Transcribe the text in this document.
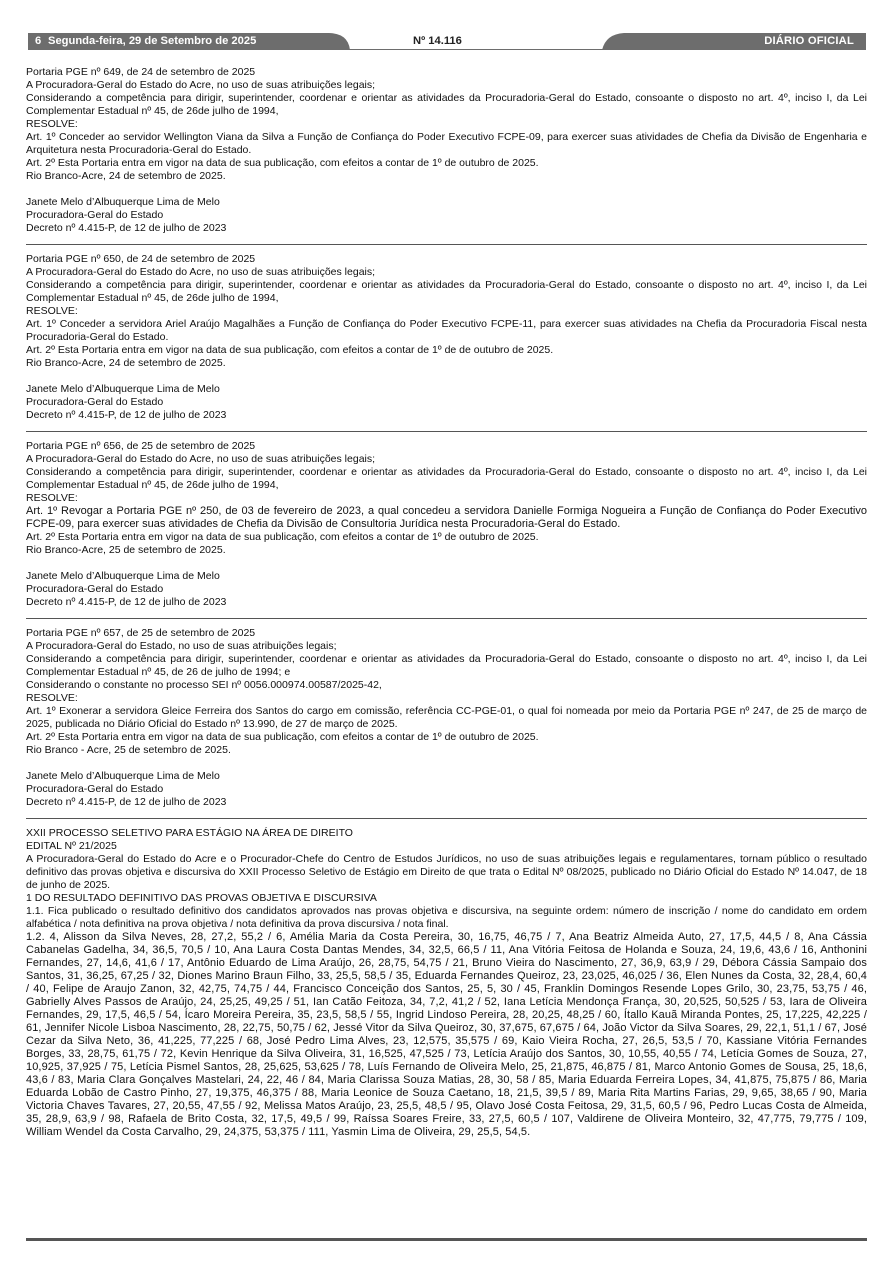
6 Segunda-feira, 29 de Setembro de 2025	Nº 14.116	DIÁRIO OFICIAL

Portaria PGE nº 649, de 24 de setembro de 2025

A Procuradora-Geral do Estado do Acre, no uso de suas atribuições legais;

Considerando a competência para dirigir, superintender, coordenar e orientar as atividades da Procuradoria-Geral do Estado, consoante o disposto no art. 4º, inciso I, da Lei Complementar Estadual nº 45, de 26de julho de 1994,

RESOLVE:

Art. 1º Conceder ao servidor Wellington Viana da Silva a Função de Confiança do Poder Executivo FCPE-09, para exercer suas atividades de Chefia da Divisão de Engenharia e Arquitetura nesta Procuradoria-Geral do Estado.

Art. 2º Esta Portaria entra em vigor na data de sua publicação, com efeitos a contar de 1º de outubro de 2025.

Rio Branco-Acre, 24 de setembro de 2025.

Janete Melo d’Albuquerque Lima de Melo

Procuradora-Geral do Estado

Decreto nº 4.415-P, de 12 de julho de 2023

Portaria PGE nº 650, de 24 de setembro de 2025

A Procuradora-Geral do Estado do Acre, no uso de suas atribuições legais;

Considerando a competência para dirigir, superintender, coordenar e orientar as atividades da Procuradoria-Geral do Estado, consoante o disposto no art. 4º, inciso I, da Lei Complementar Estadual nº 45, de 26de julho de 1994,

RESOLVE:

Art. 1º Conceder a servidora Ariel Araújo Magalhães a Função de Confiança do Poder Executivo FCPE-11, para exercer suas atividades na Chefia da Procuradoria Fiscal nesta Procuradoria-Geral do Estado.

Art. 2º Esta Portaria entra em vigor na data de sua publicação, com efeitos a contar de 1º de de outubro de 2025.

Rio Branco-Acre, 24 de setembro de 2025.

Janete Melo d’Albuquerque Lima de Melo

Procuradora-Geral do Estado

Decreto nº 4.415-P, de 12 de julho de 2023

Portaria PGE nº 656, de 25 de setembro de 2025

A Procuradora-Geral do Estado do Acre, no uso de suas atribuições legais;

Considerando a competência para dirigir, superintender, coordenar e orientar as atividades da Procuradoria-Geral do Estado, consoante o disposto no art. 4º, inciso I, da Lei Complementar Estadual nº 45, de 26de julho de 1994,

RESOLVE:

Art. 1º Revogar a Portaria PGE nº 250, de 03 de fevereiro de 2023, a qual concedeu a servidora Danielle Formiga Nogueira a Função de Confiança do Poder Executivo FCPE-09, para exercer suas atividades de Chefia da Divisão de Consultoria Jurídica nesta Procuradoria-Geral do Estado.

Art. 2º Esta Portaria entra em vigor na data de sua publicação, com efeitos a contar de 1º de outubro de 2025.

Rio Branco-Acre, 25 de setembro de 2025.

Janete Melo d’Albuquerque Lima de Melo

Procuradora-Geral do Estado

Decreto nº 4.415-P, de 12 de julho de 2023

Portaria PGE nº 657, de 25 de setembro de 2025

A Procuradora-Geral do Estado, no uso de suas atribuições legais;

Considerando a competência para dirigir, superintender, coordenar e orientar as atividades da Procuradoria-Geral do Estado, consoante o disposto no art. 4º, inciso I, da Lei Complementar Estadual nº 45, de 26 de julho de 1994; e

Considerando o constante no processo SEI nº 0056.000974.00587/2025-42,

RESOLVE:

Art. 1º Exonerar a servidora Gleice Ferreira dos Santos do cargo em comissão, referência CC-PGE-01, o qual foi nomeada por meio da Portaria PGE nº 247, de 25 de março de 2025, publicada no Diário Oficial do Estado nº 13.990, de 27 de março de 2025.

Art. 2º Esta Portaria entra em vigor na data de sua publicação, com efeitos a contar de 1º de outubro de 2025.

Rio Branco - Acre, 25 de setembro de 2025.

Janete Melo d’Albuquerque Lima de Melo

Procuradora-Geral do Estado

Decreto nº 4.415-P, de 12 de julho de 2023

XXII PROCESSO SELETIVO PARA ESTÁGIO NA ÁREA DE DIREITO

EDITAL Nº 21/2025

A Procuradora-Geral do Estado do Acre e o Procurador-Chefe do Centro de Estudos Jurídicos, no uso de suas atribuições legais e regulamentares, tornam público o resultado definitivo das provas objetiva e discursiva do XXII Processo Seletivo de Estágio em Direito de que trata o Edital Nº 08/2025, publicado no Diário Oficial do Estado Nº 14.047, de 18 de junho de 2025.

1 DO RESULTADO DEFINITIVO DAS PROVAS OBJETIVA E DISCURSIVA

1.1. Fica publicado o resultado definitivo dos candidatos aprovados nas provas objetiva e discursiva, na seguinte ordem: número de inscrição / nome do candidato em ordem alfabética / nota definitiva na prova objetiva / nota definitiva da prova discursiva / nota final.

1.2. 4, Alisson da Silva Neves, 28, 27,2, 55,2 / 6, Amélia Maria da Costa Pereira, 30, 16,75, 46,75 / 7, Ana Beatriz Almeida Auto, 27, 17,5, 44,5 / 8, Ana Cássia Cabanelas Gadelha, 34, 36,5, 70,5 / 10, Ana Laura Costa Dantas Mendes, 34, 32,5, 66,5 / 11, Ana Vitória Feitosa de Holanda e Souza, 24, 19,6, 43,6 / 16, Anthonini Fernandes, 27, 14,6, 41,6 / 17, Antônio Eduardo de Lima Araújo, 26, 28,75, 54,75 / 21, Bruno Vieira do Nascimento, 27, 36,9, 63,9 / 29, Débora Cássia Sampaio dos Santos, 31, 36,25, 67,25 / 32, Diones Marino Braun Filho, 33, 25,5, 58,5 / 35, Eduarda Fernandes Queiroz, 23, 23,025, 46,025 / 36, Elen Nunes da Costa, 32, 28,4, 60,4 / 40, Felipe de Araujo Zanon, 32, 42,75, 74,75 / 44, Francisco Conceição dos Santos, 25, 5, 30 / 45, Franklin Domingos Resende Lopes Grilo, 30, 23,75, 53,75 / 46, Gabrielly Alves Passos de Araújo, 24, 25,25, 49,25 / 51, Ian Catão Feitoza, 34, 7,2, 41,2 / 52, Iana Letícia Mendonça França, 30, 20,525, 50,525 / 53, Iara de Oliveira Fernandes, 29, 17,5, 46,5 / 54, Ícaro Moreira Pereira, 35, 23,5, 58,5 / 55, Ingrid Lindoso Pereira, 28, 20,25, 48,25 / 60, Ítallo Kauã Miranda Pontes, 25, 17,225, 42,225 / 61, Jennifer Nicole Lisboa Nascimento, 28, 22,75, 50,75 / 62, Jessé Vitor da Silva Queiroz, 30, 37,675, 67,675 / 64, João Victor da Silva Soares, 29, 22,1, 51,1 / 67, José Cezar da Silva Neto, 36, 41,225, 77,225 / 68, José Pedro Lima Alves, 23, 12,575, 35,575 / 69, Kaio Vieira Rocha, 27, 26,5, 53,5 / 70, Kassiane Vitória Fernandes Borges, 33, 28,75, 61,75 / 72, Kevin Henrique da Silva Oliveira, 31, 16,525, 47,525 / 73, Letícia Araújo dos Santos, 30, 10,55, 40,55 / 74, Letícia Gomes de Souza, 27, 10,925, 37,925 / 75, Letícia Pismel Santos, 28, 25,625, 53,625 / 78, Luís Fernando de Oliveira Melo, 25, 21,875, 46,875 / 81, Marco Antonio Gomes de Sousa, 25, 18,6, 43,6 / 83, Maria Clara Gonçalves Mastelari, 24, 22, 46 / 84, Maria Clarissa Souza Matias, 28, 30, 58 / 85, Maria Eduarda Ferreira Lopes, 34, 41,875, 75,875 / 86, Maria Eduarda Lobão de Castro Pinho, 27, 19,375, 46,375 / 88, Maria Leonice de Souza Caetano, 18, 21,5, 39,5 / 89, Maria Rita Martins Farias, 29, 9,65, 38,65 / 90, Maria Victoria Chaves Tavares, 27, 20,55, 47,55 / 92, Melissa Matos Araújo, 23, 25,5, 48,5 / 95, Olavo José Costa Feitosa, 29, 31,5, 60,5 / 96, Pedro Lucas Costa de Almeida, 35, 28,9, 63,9 / 98, Rafaela de Brito Costa, 32, 17,5, 49,5 / 99, Raíssa Soares Freire, 33, 27,5, 60,5 / 107, Valdirene de Oliveira Monteiro, 32, 47,775, 79,775 / 109, William Wendel da Costa Carvalho, 29, 24,375, 53,375 / 111, Yasmin Lima de Oliveira, 29, 25,5, 54,5.
